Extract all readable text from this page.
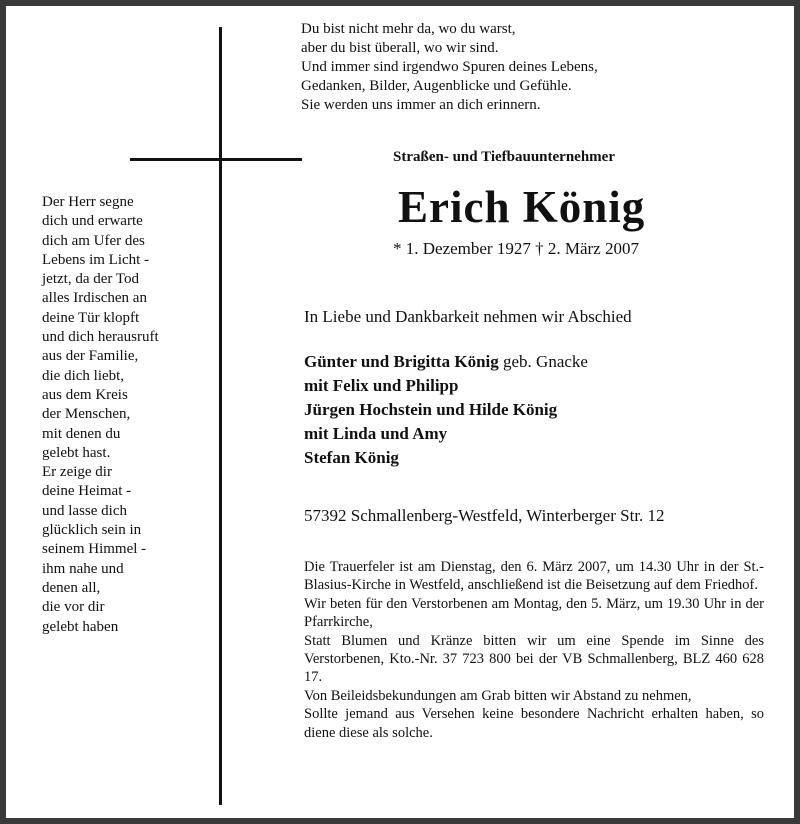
Du bist nicht mehr da, wo du warst,
aber du bist überall, wo wir sind.
Und immer sind irgendwo Spuren deines Lebens,
Gedanken, Bilder, Augenblicke und Gefühle.
Sie werden uns immer an dich erinnern.
Straßen- und Tiefbauunternehmer
Erich König
* 1. Dezember 1927 † 2. März 2007
Der Herr segne
dich und erwarte
dich am Ufer des
Lebens im Licht -
jetzt, da der Tod
alles Irdischen an
deine Tür klopft
und dich herausruft
aus der Familie,
die dich liebt,
aus dem Kreis
der Menschen,
mit denen du
gelebt hast.
Er zeige dir
deine Heimat -
und lasse dich
glücklich sein in
seinem Himmel -
ihm nahe und
denen all,
die vor dir
gelebt haben
In Liebe und Dankbarkeit nehmen wir Abschied
Günter und Brigitta König geb. Gnacke
mit Felix und Philipp
Jürgen Hochstein und Hilde König
mit Linda und Amy
Stefan König
57392 Schmallenberg-Westfeld, Winterberger Str. 12

Die Trauerfeler ist am Dienstag, den 6. März 2007, um 14.30 Uhr in der St.-Blasius-Kirche in Westfeld, anschließend ist die Beisetzung auf dem Friedhof.

Wir beten für den Verstorbenen am Montag, den 5. März, um 19.30 Uhr in der Pfarrkirche,

Statt Blumen und Kränze bitten wir um eine Spende im Sinne des Verstorbenen, Kto.-Nr. 37 723 800 bei der VB Schmallenberg, BLZ 460 628 17.

Von Beileidsbekundungen am Grab bitten wir Abstand zu nehmen,

Sollte jemand aus Versehen keine besondere Nachricht erhalten haben, so diene diese als solche.
